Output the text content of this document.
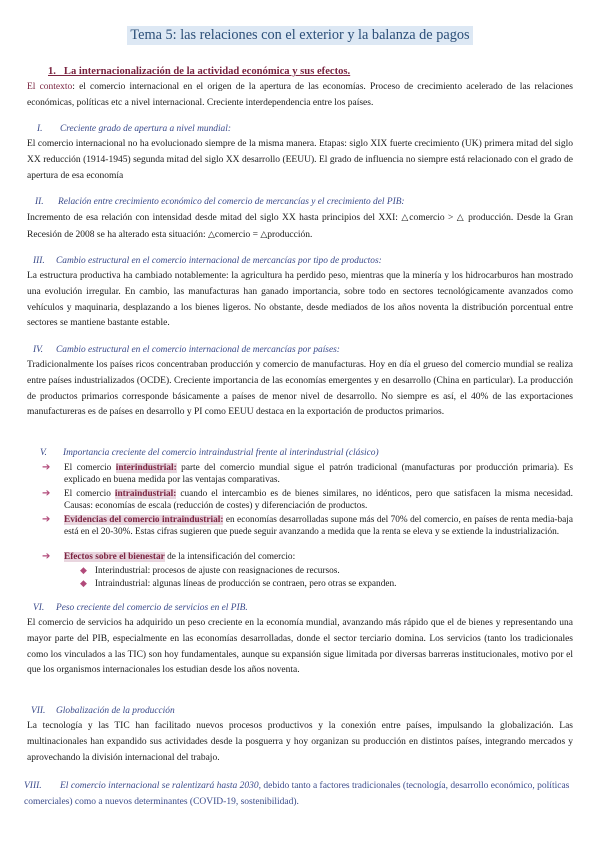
Tema 5: las relaciones con el exterior y la balanza de pagos
1.   La internacionalización de la actividad económica y sus efectos.
El contexto: el comercio internacional en el origen de la apertura de las economías. Proceso de crecimiento acelerado de las relaciones económicas, políticas etc a nivel internacional. Creciente interdependencia entre los países.
I. Creciente grado de apertura a nivel mundial:
El comercio internacional no ha evolucionado siempre de la misma manera. Etapas: siglo XIX fuerte crecimiento (UK) primera mitad del siglo XX reducción (1914-1945) segunda mitad del siglo XX desarrollo (EEUU). El grado de influencia no siempre está relacionado con el grado de apertura de esa economía
II. Relación entre crecimiento económico del comercio de mercancías y el crecimiento del PIB:
Incremento de esa relación con intensidad desde mitad del siglo XX hasta principios del XXI: △comercio > △ producción. Desde la Gran Recesión de 2008 se ha alterado esta situación: △comercio = △producción.
III. Cambio estructural en el comercio internacional de mercancías por tipo de productos:
La estructura productiva ha cambiado notablemente: la agricultura ha perdido peso, mientras que la minería y los hidrocarburos han mostrado una evolución irregular. En cambio, las manufacturas han ganado importancia, sobre todo en sectores tecnológicamente avanzados como vehículos y maquinaria, desplazando a los bienes ligeros. No obstante, desde mediados de los años noventa la distribución porcentual entre sectores se mantiene bastante estable.
IV. Cambio estructural en el comercio internacional de mercancías por países:
Tradicionalmente los países ricos concentraban producción y comercio de manufacturas. Hoy en día el grueso del comercio mundial se realiza entre países industrializados (OCDE). Creciente importancia de las economías emergentes y en desarrollo (China en particular). La producción de productos primarios corresponde básicamente a países de menor nivel de desarrollo. No siempre es así, el 40% de las exportaciones manufactureras es de países en desarrollo y PI como EEUU destaca en la exportación de productos primarios.
V. Importancia creciente del comercio intraindustrial frente al interindustrial (clásico)
➔ El comercio interindustrial: parte del comercio mundial sigue el patrón tradicional (manufacturas por producción primaria). Es explicado en buena medida por las ventajas comparativas.
➔ El comercio intraindustrial: cuando el intercambio es de bienes similares, no idénticos, pero que satisfacen la misma necesidad. Causas: economías de escala (reducción de costes) y diferenciación de productos.
➔ Evidencias del comercio intraindustrial: en economías desarrolladas supone más del 70% del comercio, en países de renta media-baja está en el 20-30%. Estas cifras sugieren que puede seguir avanzando a medida que la renta se eleva y se extiende la industrialización.
➔ Efectos sobre el bienestar de la intensificación del comercio:
◆ Interindustrial: procesos de ajuste con reasignaciones de recursos.
◆ Intraindustrial: algunas líneas de producción se contraen, pero otras se expanden.
VI. Peso creciente del comercio de servicios en el PIB.
El comercio de servicios ha adquirido un peso creciente en la economía mundial, avanzando más rápido que el de bienes y representando una mayor parte del PIB, especialmente en las economías desarrolladas, donde el sector terciario domina. Los servicios (tanto los tradicionales como los vinculados a las TIC) son hoy fundamentales, aunque su expansión sigue limitada por diversas barreras institucionales, motivo por el que los organismos internacionales los estudian desde los años noventa.
VII. Globalización de la producción
La tecnología y las TIC han facilitado nuevos procesos productivos y la conexión entre países, impulsando la globalización. Las multinacionales han expandido sus actividades desde la posguerra y hoy organizan su producción en distintos países, integrando mercados y aprovechando la división internacional del trabajo.
VIII. El comercio internacional se ralentizará hasta 2030, debido tanto a factores tradicionales (tecnología, desarrollo económico, políticas comerciales) como a nuevos determinantes (COVID-19, sostenibilidad).
